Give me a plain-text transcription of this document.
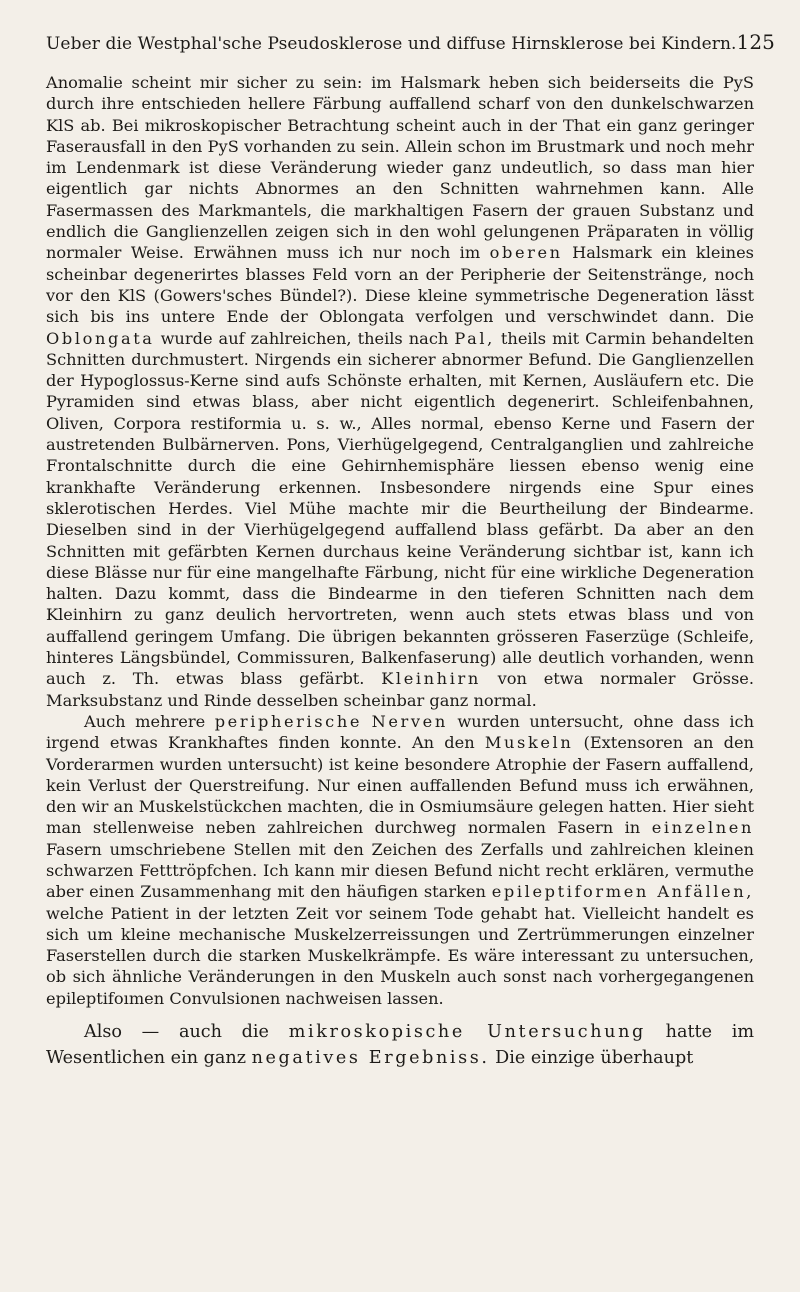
Ueber die Westphal'sche Pseudosklerose und diffuse Hirnsklerose bei Kindern. 125

Anomalie scheint mir sicher zu sein: im Halsmark heben sich beiderseits die PyS durch ihre entschieden hellere Färbung auffallend scharf von den dunkelschwarzen KlS ab. Bei mikroskopischer Betrachtung scheint auch in der That ein ganz geringer Faserausfall in den PyS vorhanden zu sein. Allein schon im Brustmark und noch mehr im Lendenmark ist diese Veränderung wieder ganz undeutlich, so dass man hier eigentlich gar nichts Abnormes an den Schnitten wahrnehmen kann. Alle Fasermassen des Markmantels, die markhaltigen Fasern der grauen Substanz und endlich die Ganglienzellen zeigen sich in den wohl gelungenen Präparaten in völlig normaler Weise. Erwähnen muss ich nur noch im oberen Halsmark ein kleines scheinbar degenerirtes blasses Feld vorn an der Peripherie der Seitenstränge, noch vor den KlS (Gowers'sches Bündel?). Diese kleine symmetrische Degeneration lässt sich bis ins untere Ende der Oblongata verfolgen und verschwindet dann. Die Oblongata wurde auf zahlreichen, theils nach Pal, theils mit Carmin behandelten Schnitten durchmustert. Nirgends ein sicherer abnormer Befund. Die Ganglienzellen der Hypoglossus-Kerne sind aufs Schönste erhalten, mit Kernen, Ausläufern etc. Die Pyramiden sind etwas blass, aber nicht eigentlich degenerirt. Schleifenbahnen, Oliven, Corpora restiformia u. s. w., Alles normal, ebenso Kerne und Fasern der austretenden Bulbärnerven. Pons, Vierhügelgegend, Centralganglien und zahlreiche Frontalschnitte durch die eine Gehirnhemisphäre liessen ebenso wenig eine krankhafte Veränderung erkennen. Insbesondere nirgends eine Spur eines sklerotischen Herdes. Viel Mühe machte mir die Beurtheilung der Bindearme. Dieselben sind in der Vierhügelgegend auffallend blass gefärbt. Da aber an den Schnitten mit gefärbten Kernen durchaus keine Veränderung sichtbar ist, kann ich diese Blässe nur für eine mangelhafte Färbung, nicht für eine wirkliche Degeneration halten. Dazu kommt, dass die Bindearme in den tieferen Schnitten nach dem Kleinhirn zu ganz deulich hervortreten, wenn auch stets etwas blass und von auffallend geringem Umfang. Die übrigen bekannten grösseren Faserzüge (Schleife, hinteres Längsbündel, Commissuren, Balkenfaserung) alle deutlich vorhanden, wenn auch z. Th. etwas blass gefärbt. Kleinhirn von etwa normaler Grösse. Marksubstanz und Rinde desselben scheinbar ganz normal.

Auch mehrere peripherische Nerven wurden untersucht, ohne dass ich irgend etwas Krankhaftes finden konnte. An den Muskeln (Extensoren an den Vorderarmen wurden untersucht) ist keine besondere Atrophie der Fasern auffallend, kein Verlust der Querstreifung. Nur einen auffallenden Befund muss ich erwähnen, den wir an Muskelstückchen machten, die in Osmiumsäure gelegen hatten. Hier sieht man stellenweise neben zahlreichen durchweg normalen Fasern in einzelnen Fasern umschriebene Stellen mit den Zeichen des Zerfalls und zahlreichen kleinen schwarzen Fetttröpfchen. Ich kann mir diesen Befund nicht recht erklären, vermuthe aber einen Zusammenhang mit den häufigen starken epileptiformen Anfällen, welche Patient in der letzten Zeit vor seinem Tode gehabt hat. Vielleicht handelt es sich um kleine mechanische Muskelzerreissungen und Zertrümmerungen einzelner Faserstellen durch die starken Muskelkrämpfe. Es wäre interessant zu untersuchen, ob sich ähnliche Veränderungen in den Muskeln auch sonst nach vorhergegangenen epileptifoımen Convulsionen nachweisen lassen.

Also — auch die mikroskopische Untersuchung hatte im Wesentlichen ein ganz negatives Ergebniss. Die einzige überhaupt
